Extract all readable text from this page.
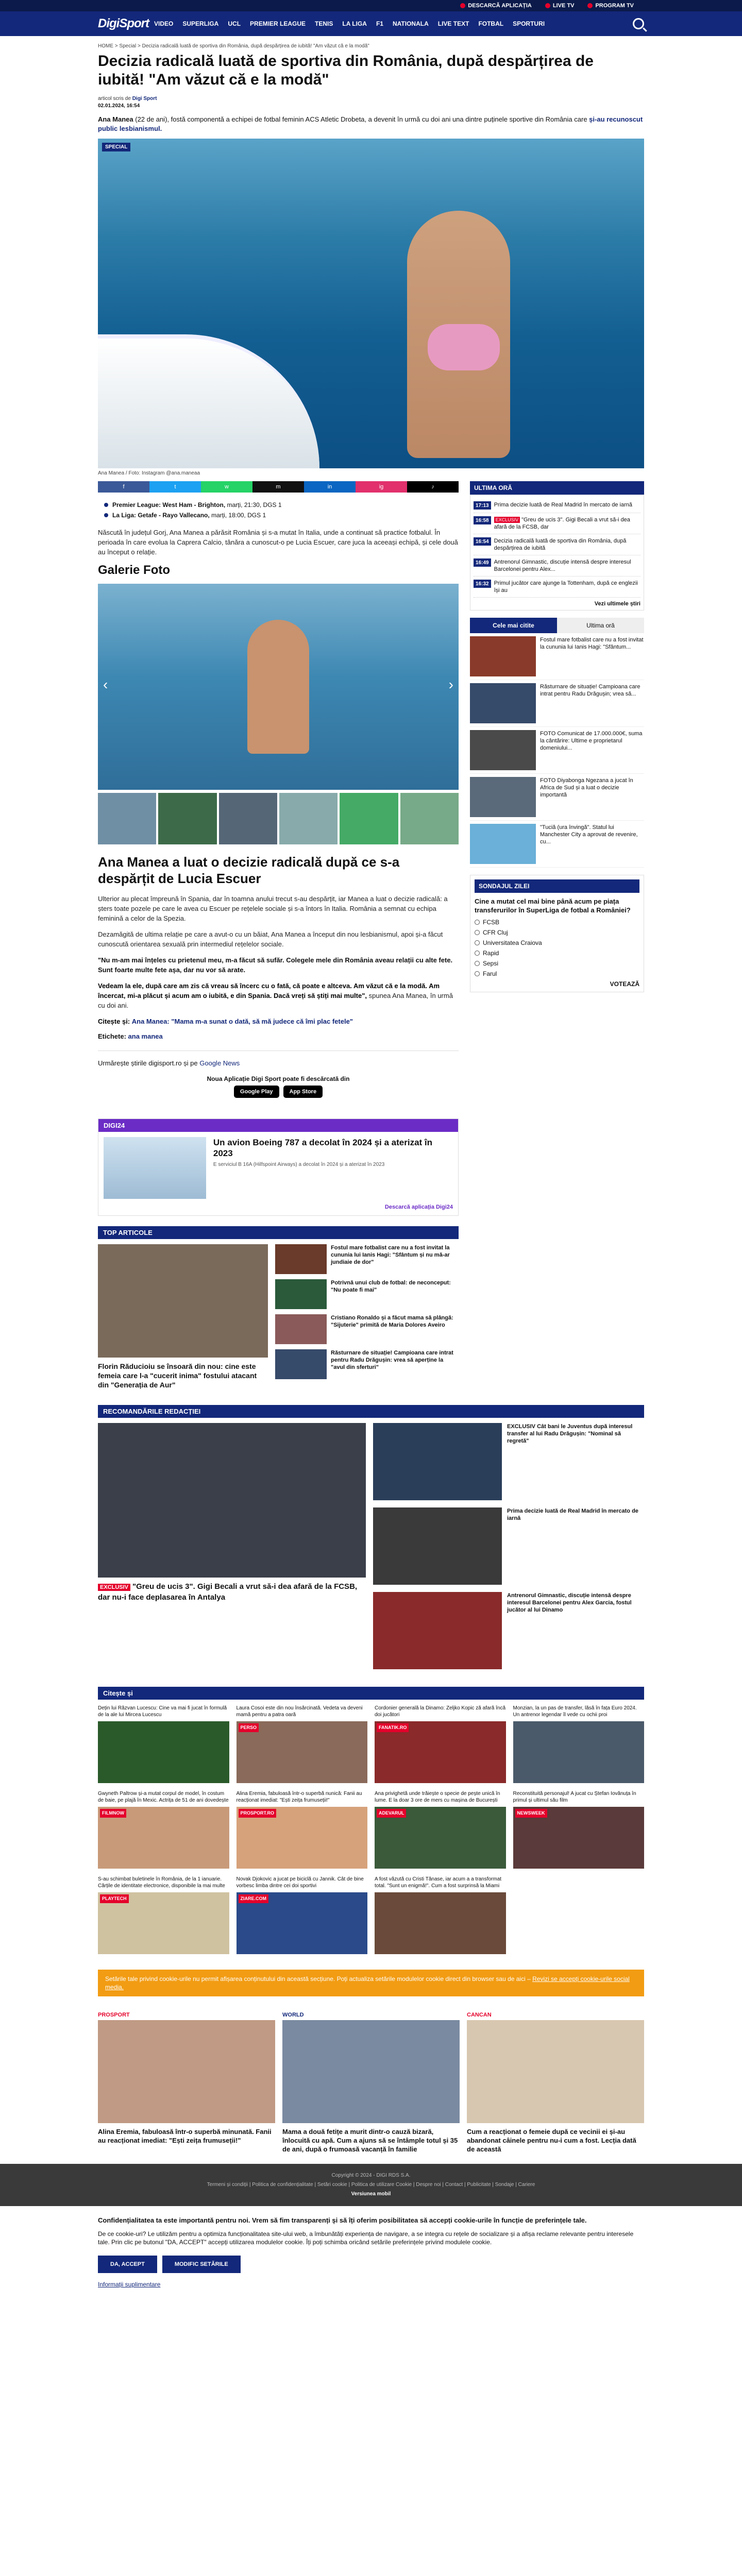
DESCARCĂ APLICAȚIA	LIVE TV	PROGRAM TV
DigiSport VIDEO	SUPERLIGA	UCL	PREMIER LEAGUE	TENIS	LA LIGA	F1	NATIONALA	LIVE TEXT	FOTBAL	SPORTURI
HOME > Special > Decizia radicală luată de sportiva din România, după despărțirea de iubită! "Am văzut că e la modă"
Decizia radicală luată de sportiva din România, după despărțirea de iubită! "Am văzut că e la modă"
articol scris de Digi Sport
02.01.2024, 16:54

Ana Manea (22 de ani), fostă componentă a echipei de fotbal feminin ACS Atletic Drobeta, a devenit în urmă cu doi ani una dintre puținele sportive din România care și-au recunoscut public lesbianismul.

SPECIAL
Ana Manea / Foto: Instagram @ana.maneaa
f	t	w	m	in	ig	♪
Premier League: West Ham - Brighton, marți, 21:30, DGS 1
La Liga: Getafe - Rayo Vallecano, marți, 18:00, DGS 1

Născută în județul Gorj, Ana Manea a părăsit România și s-a mutat în Italia, unde a continuat să practice fotbalul. În perioada în care evolua la Caprera Calcio, tânăra a cunoscut-o pe Lucia Escuer, care juca la aceeași echipă, și cele două au început o relație.

Galerie Foto
‹	›
Ana Manea a luat o decizie radicală după ce s-a despărțit de Lucia Escuer

Ulterior au plecat împreună în Spania, dar în toamna anului trecut s-au despărțit, iar Manea a luat o decizie radicală: a șters toate pozele pe care le avea cu Escuer pe rețelele sociale și s-a întors în Italia. România a semnat cu echipa feminină a celor de la Spezia.

Dezamăgită de ultima relație pe care a avut-o cu un băiat, Ana Manea a început din nou lesbianismul, apoi și-a făcut cunoscută orientarea sexuală prin intermediul rețelelor sociale.

"Nu m-am mai înțeles cu prietenul meu, m-a făcut să sufăr. Colegele mele din România aveau relații cu alte fete. Sunt foarte multe fete așa, dar nu vor să arate.

Vedeam la ele, după care am zis că vreau să încerc cu o fată, că poate e altceva. Am văzut că e la modă. Am încercat, mi-a plăcut și acum am o iubită, e din Spania. Dacă vreți să știți mai multe", spunea Ana Manea, în urmă cu doi ani.

Citește și: Ana Manea: "Mama m-a sunat o dată, să mă judece că îmi plac fetele"

Etichete: ana manea

Urmărește știrile digisport.ro și pe Google News

Noua Aplicație Digi Sport poate fi descărcată din
Google Play	App Store
ULTIMA ORĂ
17:13 Prima decizie luată de Real Madrid în mercato de iarnă
16:58	EXCLUSIV "Greu de ucis 3". Gigi Becali a vrut să-i dea afară de la FCSB, dar
16:54 Decizia radicală luată de sportiva din România, după despărțirea de iubită
16:49 Antrenorul Gimnastic, discuție intensă despre interesul Barcelonei pentru Alex...
16:32 Primul jucător care ajunge la Tottenham, după ce englezii își au
Vezi ultimele știri
Cele mai citite	Ultima oră
Fostul mare fotbalist care nu a fost invitat la cununia lui Ianis Hagi: "Sfântum...
Răsturnare de situație! Campioana care intrat pentru Radu Drăgușin; vrea să...
FOTO Comunicat de 17.000.000€, suma la cântărire: Ultime e proprietarul domeniului...
FOTO Diyabonga Ngezana a jucat în Africa de Sud și a luat o decizie importantă
"Tuciă (ura învingă". Statul lui Manchester City a aprovat de revenire, cu...
SONDAJUL ZILEI
Cine a mutat cel mai bine până acum pe piața transferurilor în SuperLiga de fotbal a României?
FCSB
CFR Cluj
Universitatea Craiova
Rapid
Sepsi
Farul
VOTEAZĂ
DIGI24
Un avion Boeing 787 a decolat în 2024 și a aterizat în 2023
E serviciul B 16A (Hilfspoint Airways) a decolat în 2024 și a aterizat în 2023
Descarcă aplicația Digi24
TOP ARTICOLE
Florin Răducioiu se însoară din nou: cine este femeia care l-a "cucerit inima" fostului atacant din "Generația de Aur"
Fostul mare fotbalist care nu a fost invitat la cununia lui Ianis Hagi: "Sfântum și nu mă-ar jundiaie de dor"
Potrivnă unui club de fotbal: de neconceput: "Nu poate fi mai"
Cristiano Ronaldo și a făcut mama să plângă: "Sijuterie" primită de Maria Dolores Aveiro
Răsturnare de situație! Campioana care intrat pentru Radu Drăgușin: vrea să aperține la "avul din sferturi"
RECOMANDĂRILE REDACȚIEI
EXCLUSIV "Greu de ucis 3". Gigi Becali a vrut să-i dea afară de la FCSB, dar nu-i face deplasarea în Antalya
EXCLUSIV Cât bani le Juventus după interesul transfer al lui Radu Drăgușin: "Nominal să regretă"
Prima decizie luată de Real Madrid în mercato de iarnă
Antrenorul Gimnastic, discuție intensă despre interesul Barcelonei pentru Alex Garcia, fostul jucător al lui Dinamo
Citește și
Dețin lui Răzvan Lucescu: Cine va mai fi jucat în formulă de la ale lui Mircea Lucescu
Laura Cosoi este din nou însărcinată. Vedeta va deveni mamă pentru a patra oară
PERSO
Cordonier generală la Dinamo: Zeljko Kopic ză afară încă doi jucători
FANATIK.RO
Monzian, la un pas de transfer, lăsă în fața Euro 2024. Un antrenor legendar îl vede cu ochii proi
Gwyneth Paltrow și-a mutat corpul de model, în costum de baie, pe plajă în Mexic. Actrița de 51 de ani dovedește
FILMNOW
Alina Eremia, fabuloasă într-o superbă nunică: Fanii au reacționat imediat: "Ești zeița frumuseții!"
PROSPORT.RO
Ana privighetă unde trăiește o specie de pește unică în lume. E la doar 3 ore de mers cu mașina de București
ADEVARUL
Reconstituită personajul! A jucat cu Ștefan Iovănuța în primul și ultimul său film
NEWSWEEK
S-au schimbat buletinele în România, de la 1 ianuarie. Cărțile de identitate electronice, disponibile la mai multe
PLAYTECH
Novak Djokovic a jucat pe biciclă cu Jannik. Cât de bine vorbesc limba dintre cei doi sportivi
ZIARE.COM
A fost văzută cu Cristi Tănase, iar acum a a transformat total. "Sunt un enigmă!". Cum a fost surprinsă la Miami
Setările tale privind cookie-urile nu permit afișarea conținutului din această secțiune. Poți actualiza setările modulelor cookie direct din browser sau de aici – Revizi se accepți cookie-urile social media.
PROSPORT
Alina Eremia, fabuloasă într-o superbă minunată. Fanii au reacționat imediat: "Ești zeița frumuseții!"
WORLD
Mama a două fetițe a murit dintr-o cauză bizară, înlocuită cu apă. Cum a ajuns să se întâmple totul și 35 de ani, după o frumoasă vacanță în familie
CANCAN
Cum a reacționat o femeie după ce vecinii ei și-au abandonat câinele pentru nu-i cum a fost. Lecția dată de această
Copyright © 2024 - DIGI RDS S.A.
Termeni și condiții | Politica de confidențialitate | Setări cookie | Politica de utilizare Cookie | Despre noi | Contact | Publicitate | Sondaje | Cariere
Versiunea mobil
Confidențialitatea ta este importantă pentru noi. Vrem să fim transparenți și să îți oferim posibilitatea să accepți cookie-urile în funcție de preferințele tale.

De ce cookie-uri? Le utilizăm pentru a optimiza funcționalitatea site-ului web, a îmbunătăți experiența de navigare, a se integra cu rețele de socializare și a afișa reclame relevante pentru interesele tale. Prin clic pe butonul "DA, ACCEPT" accepți utilizarea modulelor cookie. Îți poți schimba oricând setările preferințele privind modulele cookie.

DA, ACCEPT	MODIFIC SETĂRILE
Informații suplimentare
